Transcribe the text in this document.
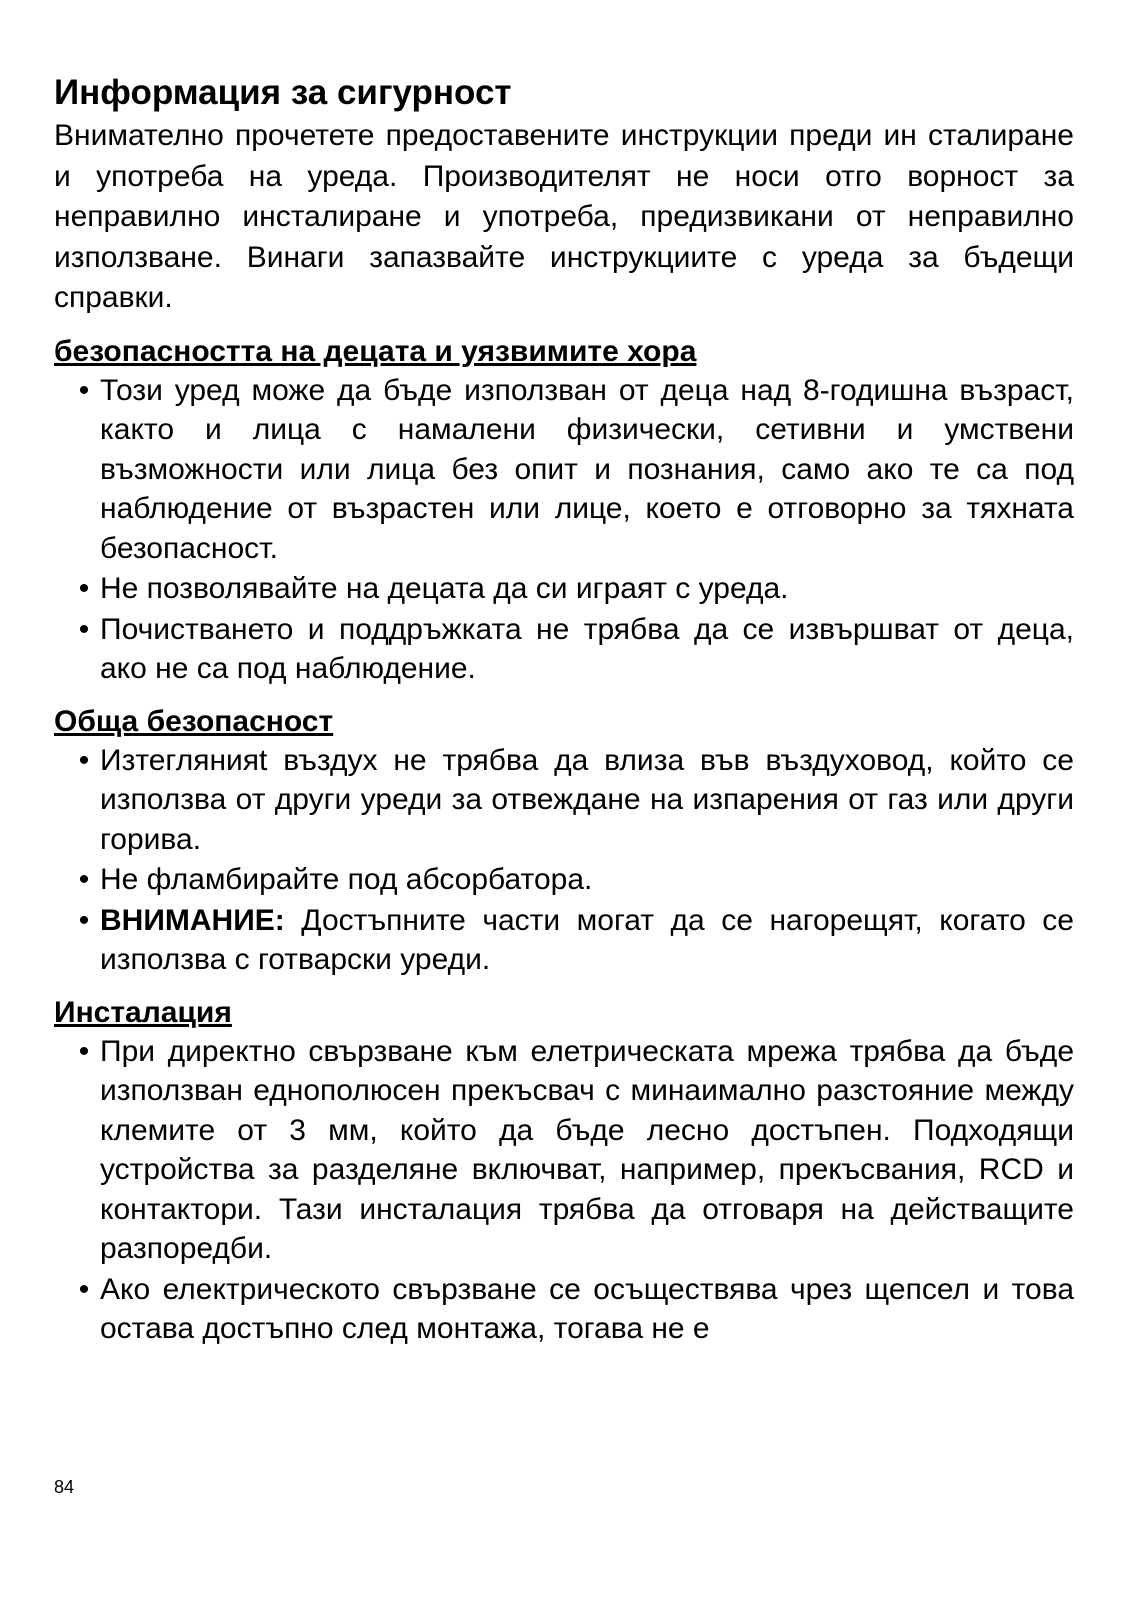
Информация за сигурност

Внимателно прочетете предоставените инструкции преди ин сталиране и употреба на уреда. Производителят не носи отго ворност за неправилно инсталиране и употреба, предизвикани от неправилно използване. Винаги запазвайте инструкциите с уреда за бъдещи справки.

безопасността на децата и уязвимите хора
• Този уред може да бъде използван от деца над 8-годишна възраст, както и лица с намалени физически, сетивни и умствени възможности или лица без опит и познания, само ако те са под наблюдение от възрастен или лице, което е отговорно за тяхната безопасност.
• Не позволявайте на децата да си играят с уреда.
• Почистването и поддръжката не трябва да се извършват от деца, ако не са под наблюдение.
Обща безопасност
• Изтеглянияt въздух не трябва да влиза във въздуховод, който се използва от други уреди за отвеждане на изпарения от газ или други горива.
• Не фламбирайте под абсорбатора.
• ВНИМАНИЕ: Достъпните части могат да се нагорещят, когато се използва с готварски уреди.
Инсталация
• При директно свързване към елетрическата мрежа трябва да бъде използван еднополюсен прекъсвач с минаимално разстояние между клемите от 3 мм, който да бъде лесно достъпен. Подходящи устройства за разделяне включват, например, прекъсвания, RCD и контактори. Тази инсталация трябва да отговаря на действащите разпоредби.
• Ако електрическото свързване се осъществява чрез щепсел и това остава достъпно след монтажа, тогава не е
84
